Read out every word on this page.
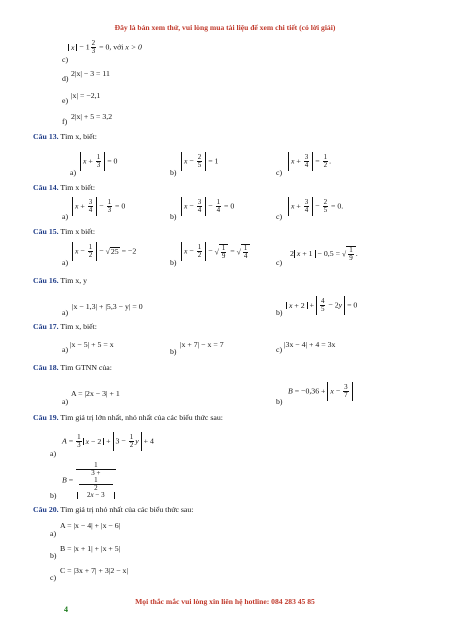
Đây là bản xem thử, vui lòng mua tài liệu để xem chi tiết (có lời giải)
c)
$x - 1 \frac{2}{3} = 0$, với x > 0
d)
2|x| − 3 = 11
e)
|x| = −2,1
f)
2|x| + 5 = 3,2
Câu 13. Tìm x, biết:
a)
$x + \frac{1}{3} = 0$
b)
$x - \frac{2}{5} = 1$
c)
$x + \frac{3}{4} = \frac{1}{2}$ .
Câu 14. Tìm x biết:
a)
$x + \frac{3}{4} - \frac{1}{3} = 0$
b)
$x - \frac{3}{4} - \frac{1}{4} = 0$
c)
$x + \frac{3}{4} - \frac{2}{5} = 0$.
Câu 15. Tìm x biết:
a)
$x - \frac{1}{2} - √25 = -2$
b)
$x - \frac{1}{2}$ − √ $\frac{1}{9}$ = √ $\frac{1}{4}$
c)
2 x + 1 − 0,5 = √ $\frac{1}{9}$ .
Câu 16. Tìm x, y
a)
|x − 1,3| + |5,3 − y| = 0
b)
$x + 2 + \frac{4}{5} - 2y = 0$
Câu 17. Tìm x, biết:
a)
|x − 5| + 5 = x
b)
|x + 7| − x = 7
c)
|3x − 4| + 4 = 3x
Câu 18. Tìm GTNN của:
a)
A = |2x − 3| + 1
b)
$B = -0,36 + x - \frac{3}{7}$
Câu 19. Tìm giá trị lớn nhất, nhỏ nhất của các biểu thức sau:
$A = \frac{1}{3}$ $x - 2 + 3 - \frac{1}{2}$ y + 4
a)
B = 1
3 +
1
2
2x − 3
b)
Câu 20. Tìm giá trị nhỏ nhất của các biểu thức sau:
a)
A = |x − 4| + |x − 6|
b)
B = |x + 1| + |x + 5|
c)
C = |3x + 7| + 3|2 − x|
4
Mọi thắc mắc vui lòng xin liên hệ hotline: 084 283 45 85
